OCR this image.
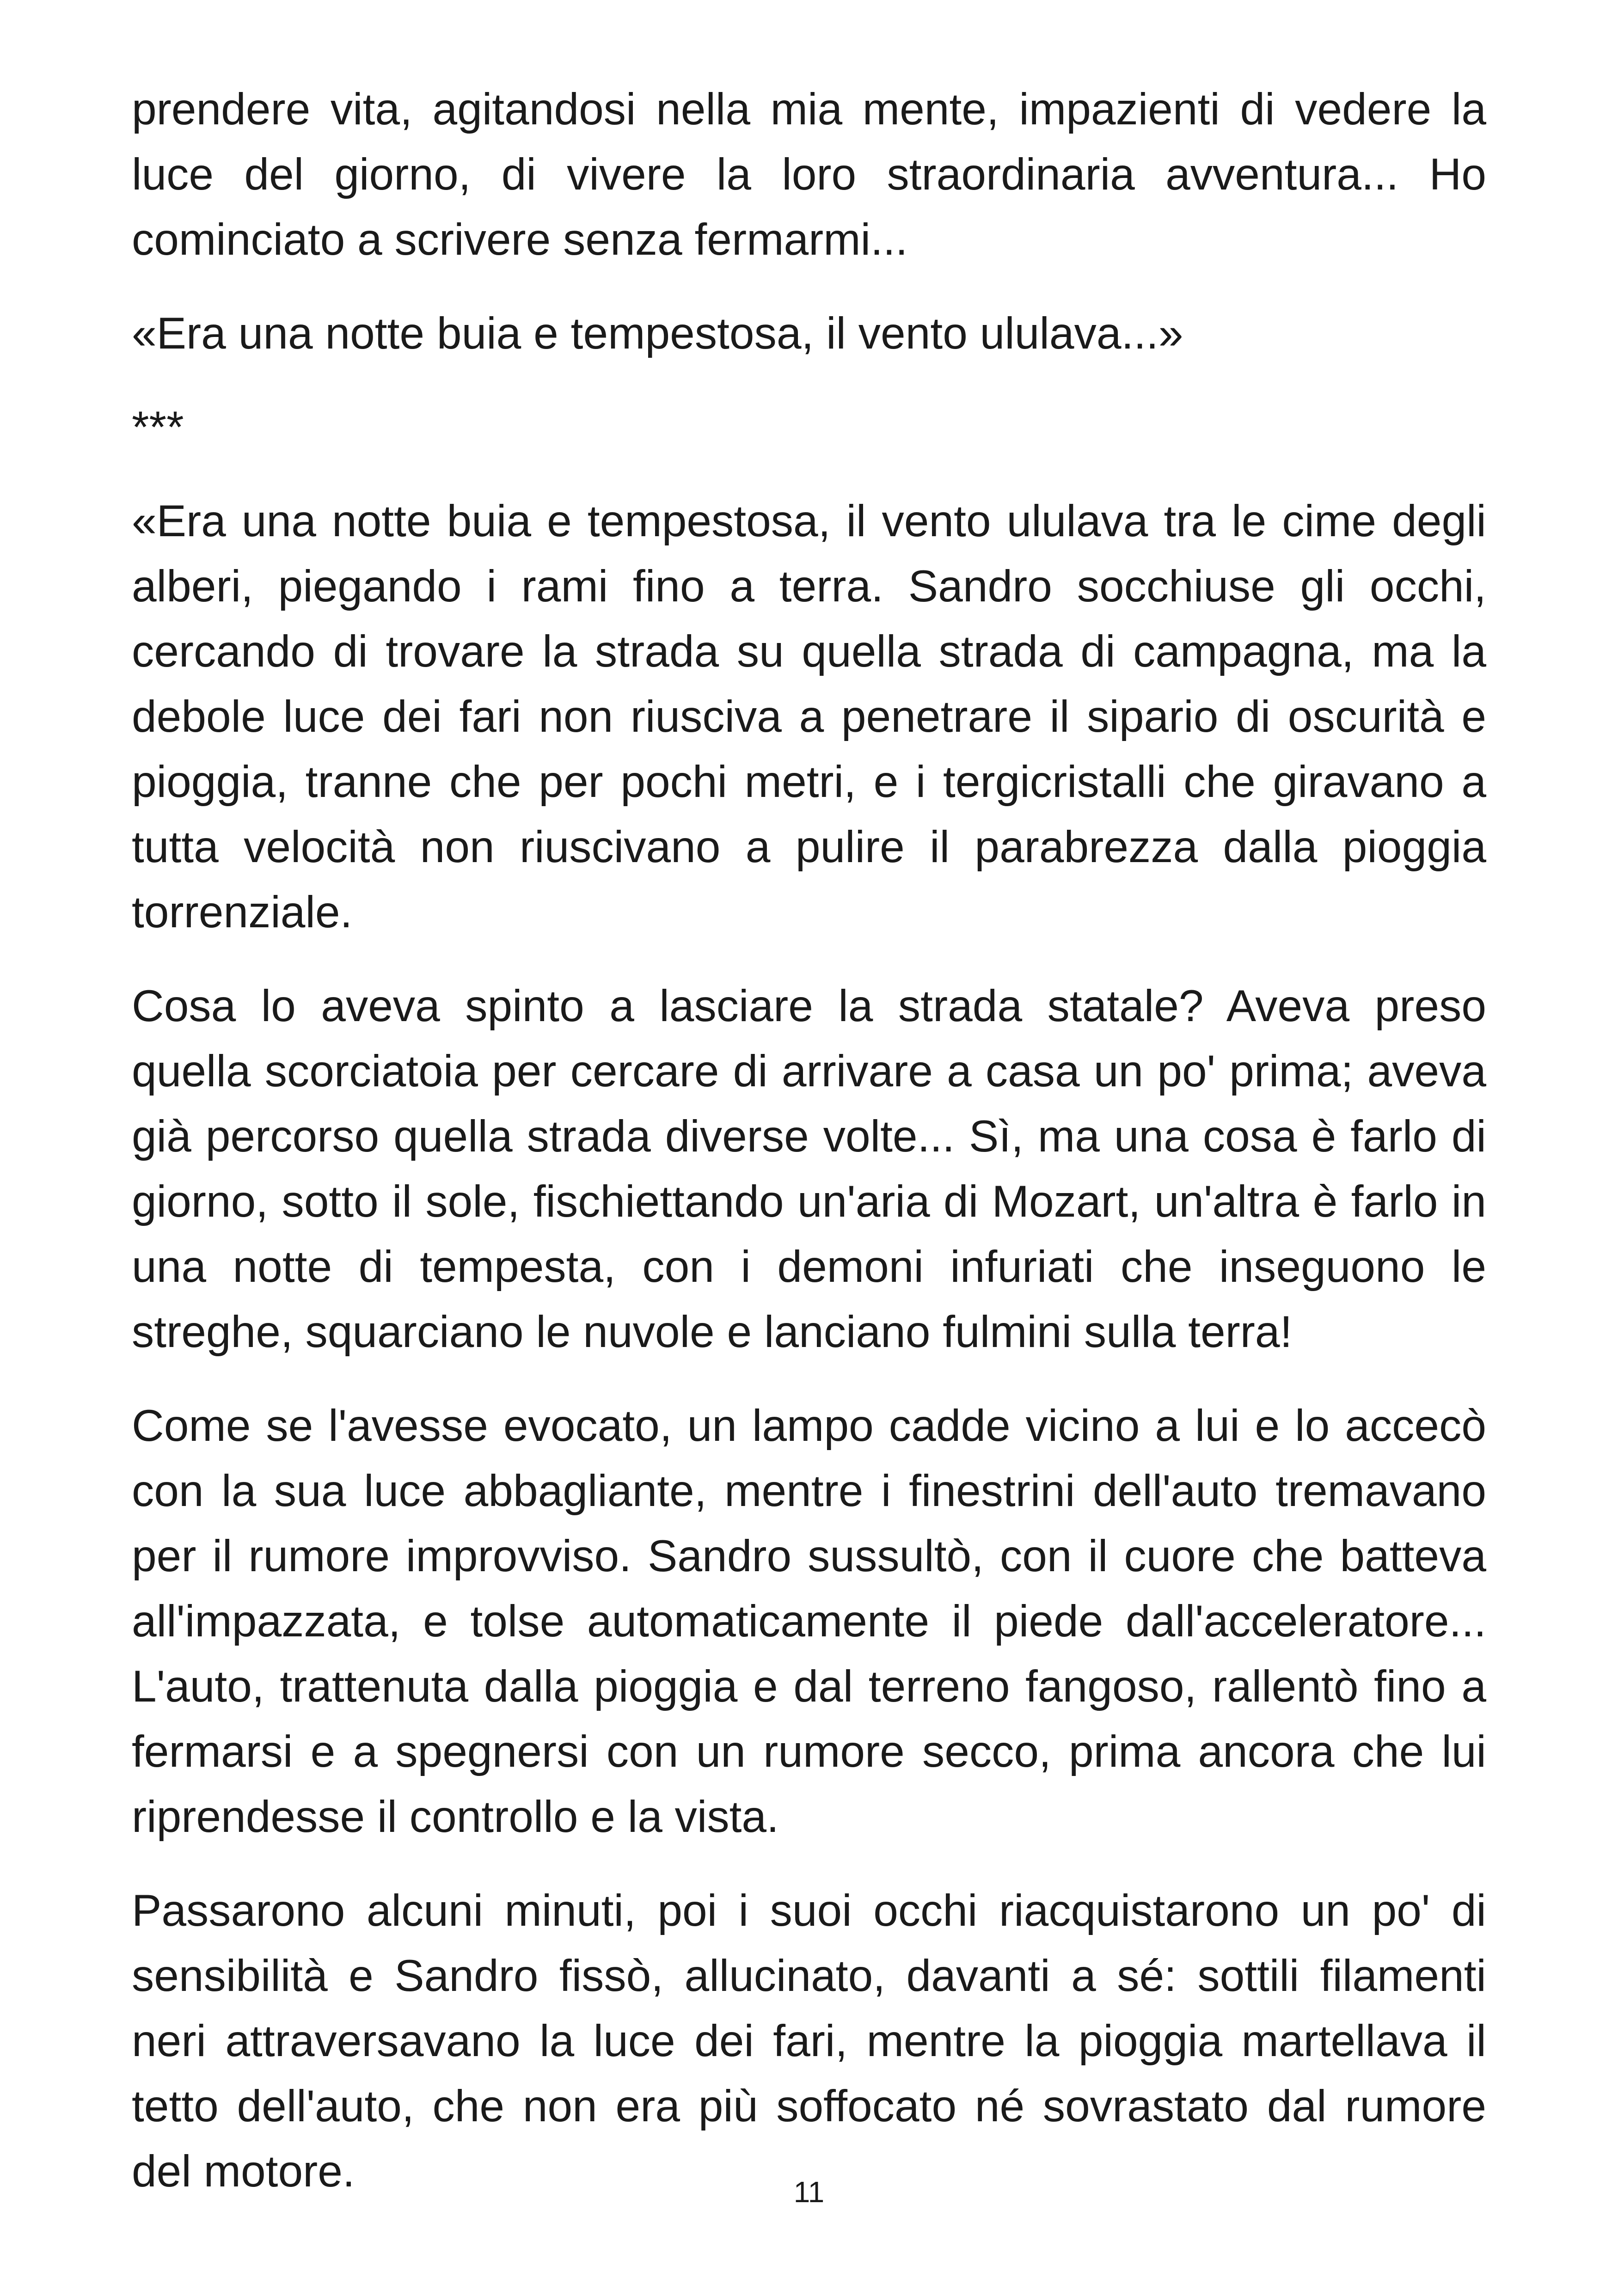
prendere vita, agitandosi nella mia mente, impazienti di vedere la luce del giorno, di vivere la loro straordinaria avventura... Ho cominciato a scrivere senza fermarmi...

«Era una notte buia e tempestosa, il vento ululava...»

***

«Era una notte buia e tempestosa, il vento ululava tra le cime degli alberi, piegando i rami fino a terra. Sandro socchiuse gli occhi, cercando di trovare la strada su quella strada di campagna, ma la debole luce dei fari non riusciva a penetrare il sipario di oscurità e pioggia, tranne che per pochi metri, e i tergicristalli che giravano a tutta velocità non riuscivano a pulire il parabrezza dalla pioggia torrenziale.

Cosa lo aveva spinto a lasciare la strada statale? Aveva preso quella scorciatoia per cercare di arrivare a casa un po' prima; aveva già percorso quella strada diverse volte... Sì, ma una cosa è farlo di giorno, sotto il sole, fischiettando un'aria di Mozart, un'altra è farlo in una notte di tempesta, con i demoni infuriati che inseguono le streghe, squarciano le nuvole e lanciano fulmini sulla terra!

Come se l'avesse evocato, un lampo cadde vicino a lui e lo accecò con la sua luce abbagliante, mentre i finestrini dell'auto tremavano per il rumore improvviso. Sandro sussultò, con il cuore che batteva all'impazzata, e tolse automaticamente il piede dall'acceleratore... L'auto, trattenuta dalla pioggia e dal terreno fangoso, rallentò fino a fermarsi e a spegnersi con un rumore secco, prima ancora che lui riprendesse il controllo e la vista.

Passarono alcuni minuti, poi i suoi occhi riacquistarono un po' di sensibilità e Sandro fissò, allucinato, davanti a sé: sottili filamenti neri attraversavano la luce dei fari, mentre la pioggia martellava il tetto dell'auto, che non era più soffocato né sovrastato dal rumore del motore.	11
